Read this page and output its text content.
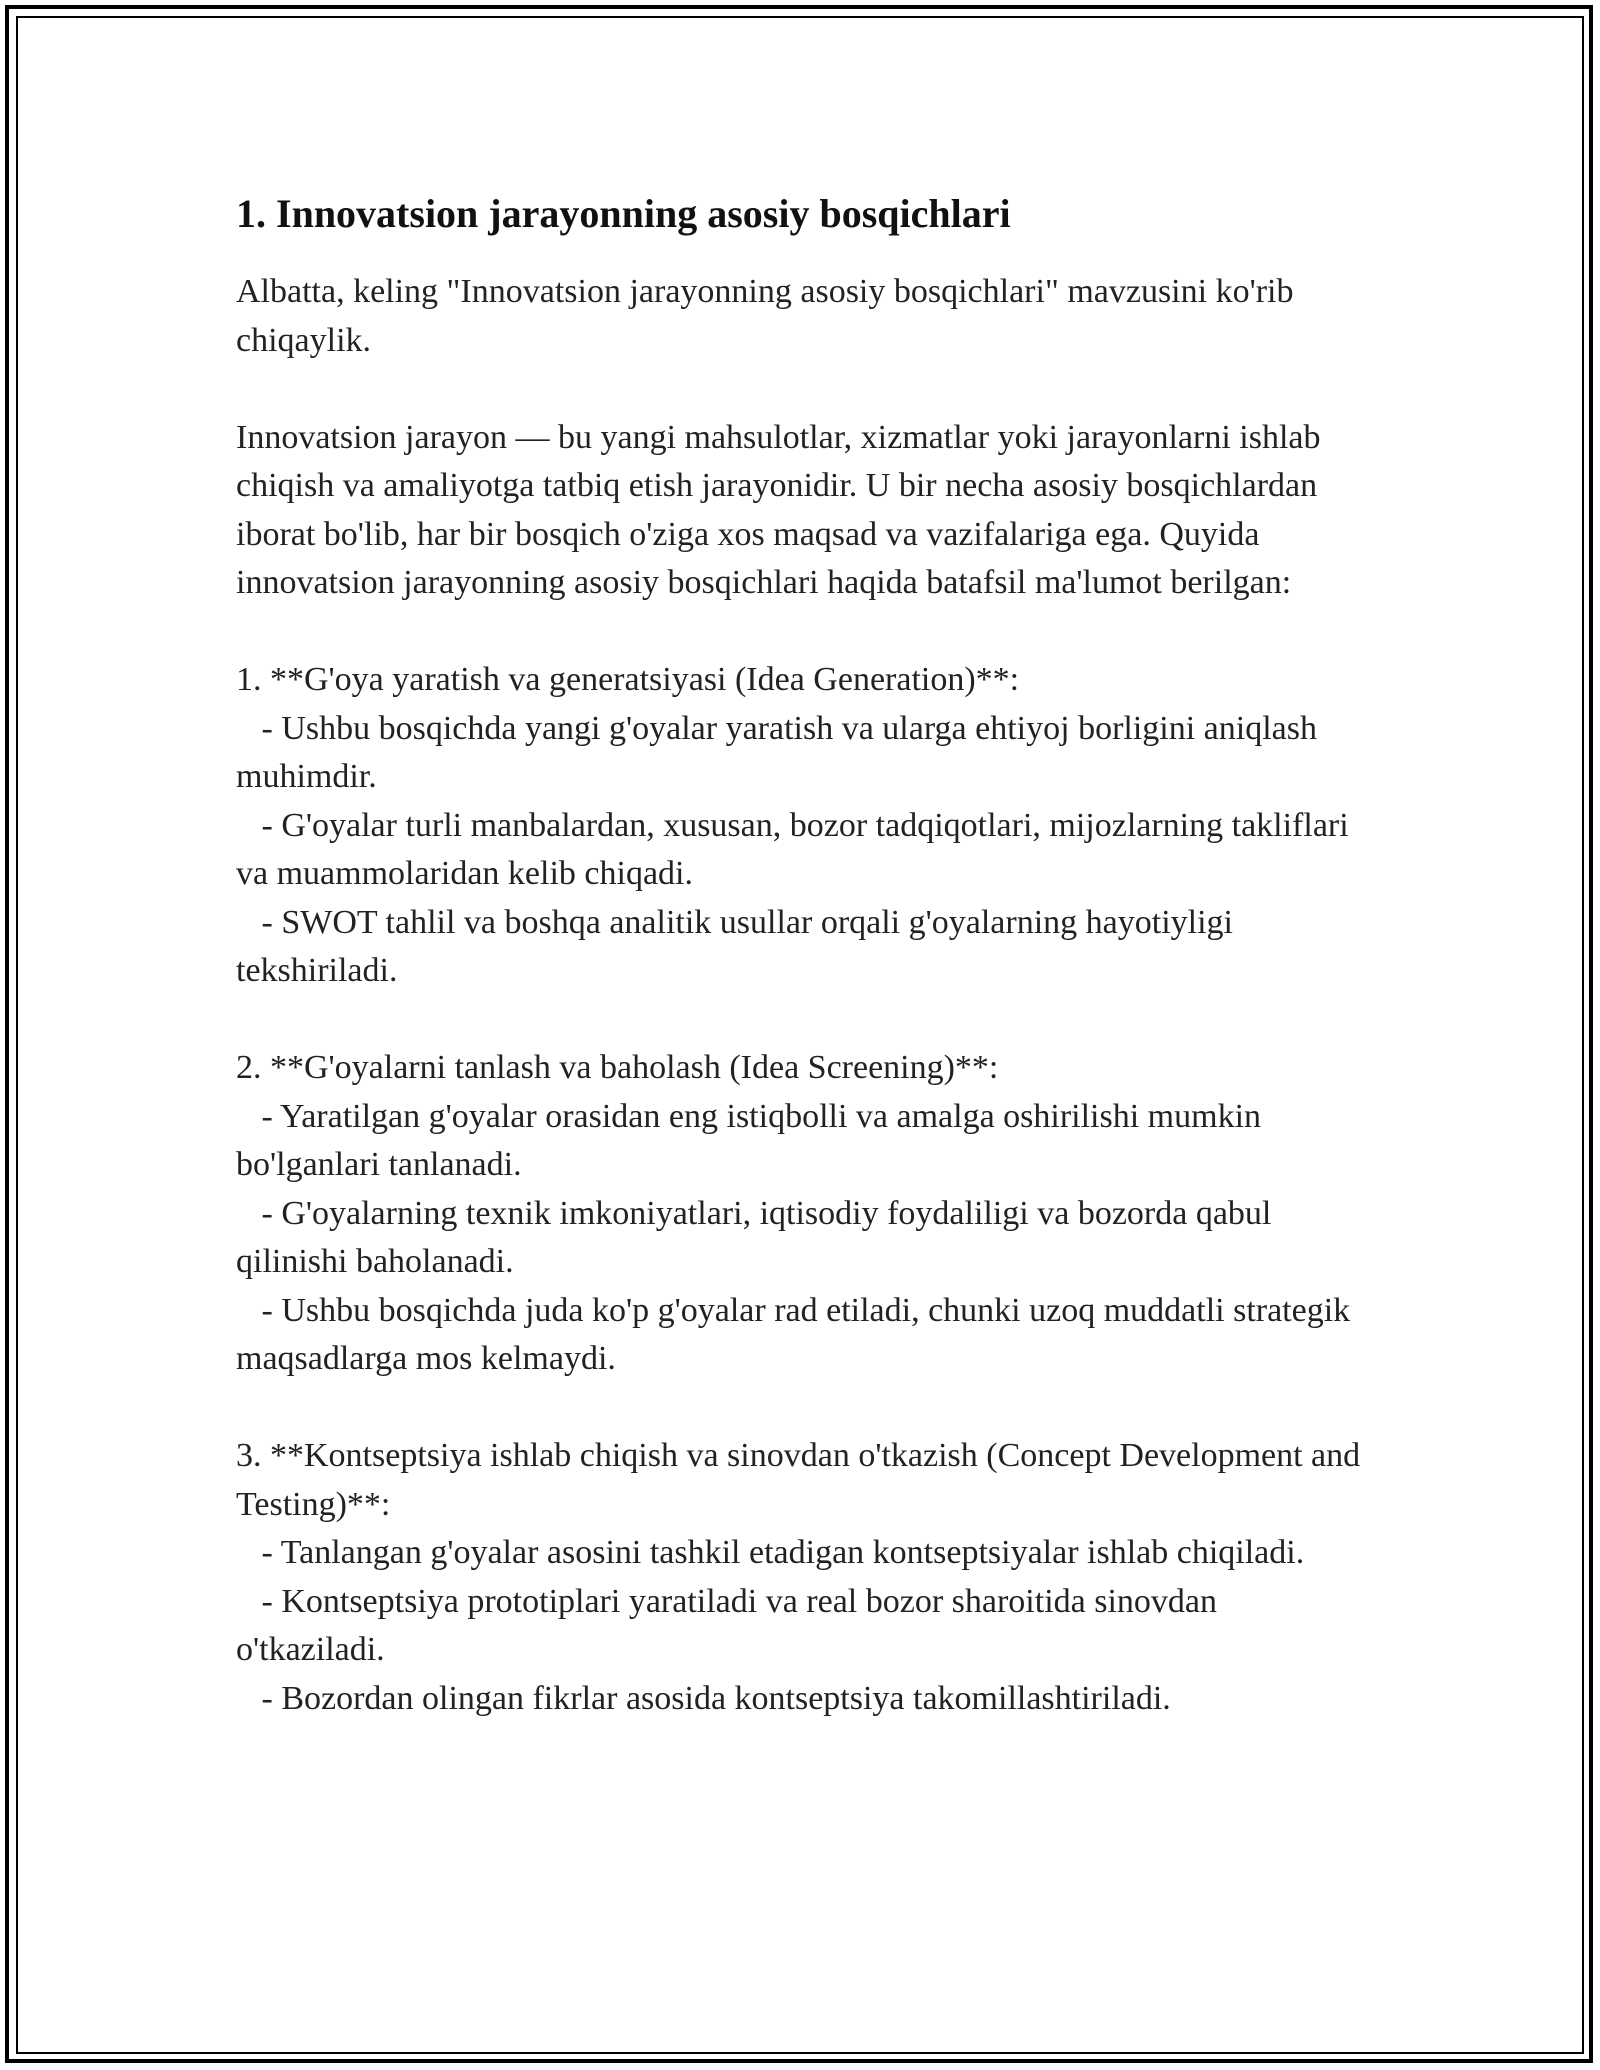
1. Innovatsion jarayonning asosiy bosqichlari

Albatta, keling "Innovatsion jarayonning asosiy bosqichlari" mavzusini ko'rib chiqaylik.

Innovatsion jarayon — bu yangi mahsulotlar, xizmatlar yoki jarayonlarni ishlab chiqish va amaliyotga tatbiq etish jarayonidir. U bir necha asosiy bosqichlardan iborat bo'lib, har bir bosqich o'ziga xos maqsad va vazifalariga ega. Quyida innovatsion jarayonning asosiy bosqichlari haqida batafsil ma'lumot berilgan:

1. **G'oya yaratish va generatsiyasi (Idea Generation)**:

- Ushbu bosqichda yangi g'oyalar yaratish va ularga ehtiyoj borligini aniqlash muhimdir.

- G'oyalar turli manbalardan, xususan, bozor tadqiqotlari, mijozlarning takliflari va muammolaridan kelib chiqadi.

- SWOT tahlil va boshqa analitik usullar orqali g'oyalarning hayotiyligi tekshiriladi.

2. **G'oyalarni tanlash va baholash (Idea Screening)**:

- Yaratilgan g'oyalar orasidan eng istiqbolli va amalga oshirilishi mumkin bo'lganlari tanlanadi.

- G'oyalarning texnik imkoniyatlari, iqtisodiy foydaliligi va bozorda qabul qilinishi baholanadi.

- Ushbu bosqichda juda ko'p g'oyalar rad etiladi, chunki uzoq muddatli strategik maqsadlarga mos kelmaydi.

3. **Kontseptsiya ishlab chiqish va sinovdan o'tkazish (Concept Development and Testing)**:

- Tanlangan g'oyalar asosini tashkil etadigan kontseptsiyalar ishlab chiqiladi.

- Kontseptsiya prototiplari yaratiladi va real bozor sharoitida sinovdan o'tkaziladi.

- Bozordan olingan fikrlar asosida kontseptsiya takomillashtiriladi.
